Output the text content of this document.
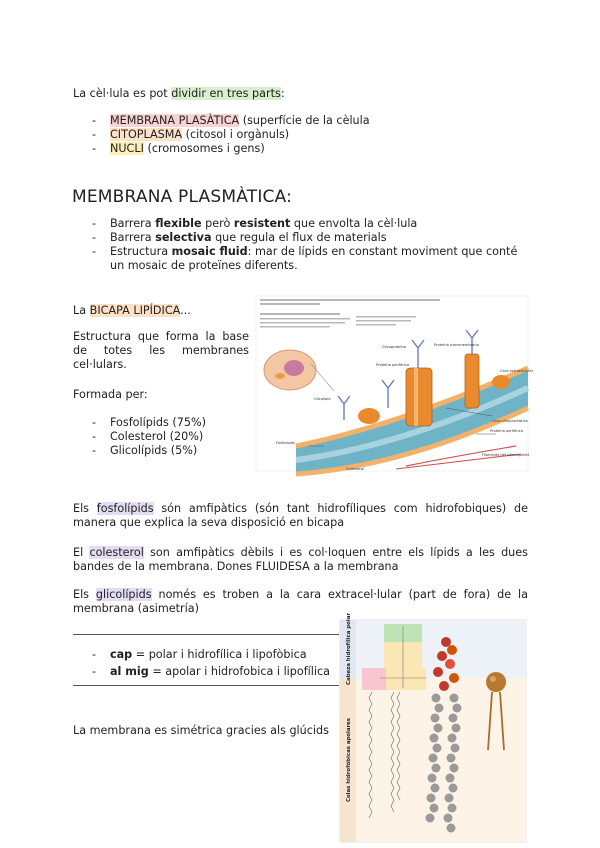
La cèl·lula es pot dividir en tres parts:

- MEMBRANA PLASÀTICA (superfície de la cèlula
- CITOPLASMA (citosol i orgànuls)
- NUCLI (cromosomes i gens)
MEMBRANA PLASMÀTICA:
- Barrera flexible però resistent que envolta la cèl·lula
- Barrera selectiva que regula el flux de materials
- Estructura mosaic fluid: mar de lípids en constant moviment que conté un mosaic de proteïnes diferents.

La BICAPA LIPÍDICA...

Estructura que forma la base de totes les membranes cel·lulars.

Formada per:

- Fosfolípids (75%)
- Colesterol (20%)
- Glicolípids (5%)
Glicoproteïna
Proteïna perifèrica
Proteïna transmembrana
Glicolípid
Colesterol
Fosfolípids
Filaments del citoesquelet
Proteïna perifèrica
Cara extracel·lular
Cara citoplasmàtica

Els fosfolípids són amfipàtics (són tant hidrofíliques com hidrofobiques) de manera que explica la seva disposició en bicapa

El colesterol son amfipàtics dèbils i es col·loquen entre els lípids a les dues bandes de la membrana. Dones FLUIDESA a la membrana

Els glicolípids només es troben a la cara extracel·lular (part de fora) de la membrana (asimetría)

- cap = polar i hidrofílica i lipofòbica
- al mig = apolar i hidrofobica i lipofílica

La membrana es simétrica gracies als glúcids

Cabeza hidrofílica polar
Colas hidrofóbicas apolares
